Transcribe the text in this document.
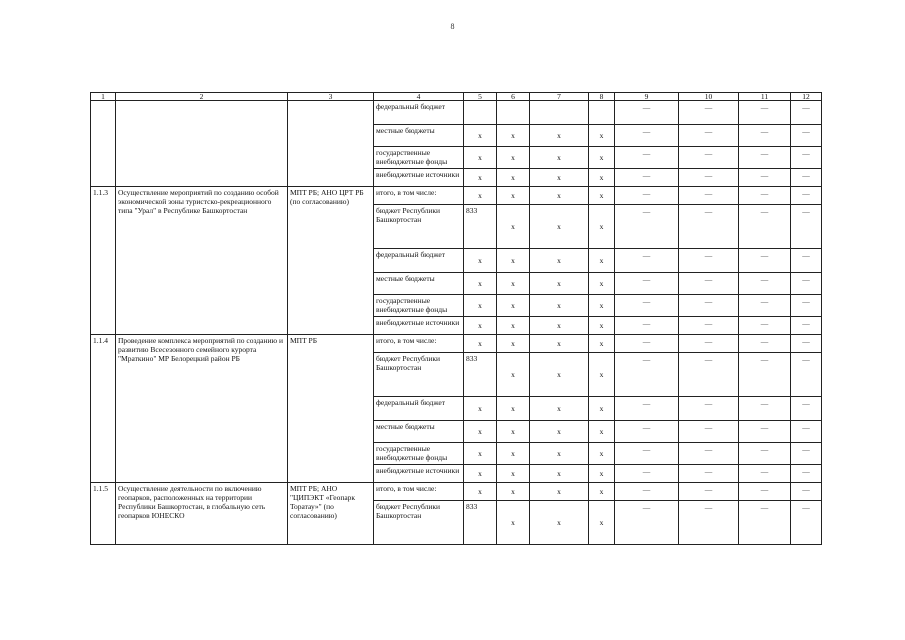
8
1	2	3	4	5	6	7	8	9	10	11	12
			федеральный бюджет					—	—	—	—
			местные бюджеты	x	x	x	x	—	—	—	—
			государственные внебюджетные фонды	x	x	x	x	—	—	—	—
			внебюджетные источники	x	x	x	x	—	—	—	—
1.1.3	Осуществление мероприятий по созданию особой экономической зоны туристско-рекреационного типа "Урал" в Республике Башкортостан	МПТ РБ; АНО ЦРТ РБ (по согласованию)	итого, в том числе:	x	x	x	x	—	—	—	—
			бюджет Республики Башкортостан	833	x	x	x	—	—	—	—
			федеральный бюджет	x	x	x	x	—	—	—	—
			местные бюджеты	x	x	x	x	—	—	—	—
			государственные внебюджетные фонды	x	x	x	x	—	—	—	—
			внебюджетные источники	x	x	x	x	—	—	—	—
1.1.4	Проведение комплекса мероприятий по созданию и развитию Всесезонного семейного курорта "Мраткино" МР Белорецкий район РБ	МПТ РБ	итого, в том числе:	x	x	x	x	—	—	—	—
			бюджет Республики Башкортостан	833	x	x	x	—	—	—	—
			федеральный бюджет	x	x	x	x	—	—	—	—
			местные бюджеты	x	x	x	x	—	—	—	—
			государственные внебюджетные фонды	x	x	x	x	—	—	—	—
			внебюджетные источники	x	x	x	x	—	—	—	—
1.1.5	Осуществление деятельности по включению геопарков, расположенных на территории Республики Башкортостан, в глобальную сеть геопарков ЮНЕСКО	МПТ РБ; АНО "ЦИПЭКТ «Геопарк Торатау»" (по согласованию)	итого, в том числе:	x	x	x	x	—	—	—	—
			бюджет Республики Башкортостан	833	x	x	x	—	—	—	—
